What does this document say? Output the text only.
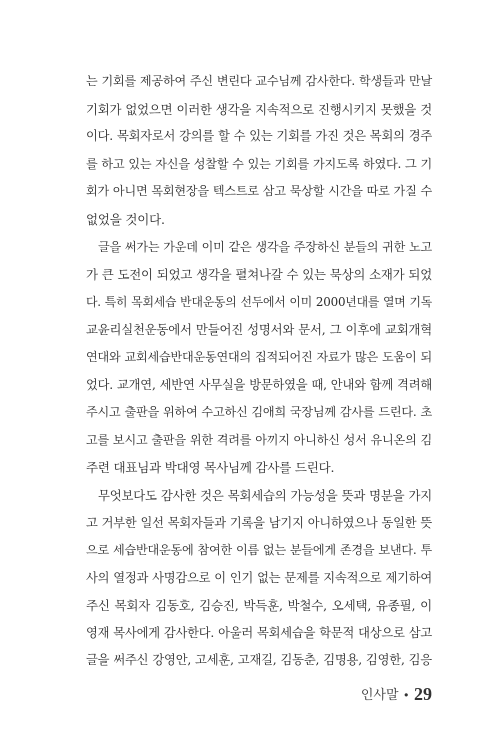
는 기회를 제공하여 주신 변린다 교수님께 감사한다. 학생들과 만날
기회가 없었으면 이러한 생각을 지속적으로 진행시키지 못했을 것
이다. 목회자로서 강의를 할 수 있는 기회를 가진 것은 목회의 경주
를 하고 있는 자신을 성찰할 수 있는 기회를 가지도록 하였다. 그 기
회가 아니면 목회현장을 텍스트로 삼고 묵상할 시간을 따로 가질 수
없었을 것이다.
글을 써가는 가운데 이미 같은 생각을 주장하신 분들의 귀한 노고
가 큰 도전이 되었고 생각을 펼쳐나갈 수 있는 묵상의 소재가 되었
다. 특히 목회세습 반대운동의 선두에서 이미 2000년대를 열며 기독
교윤리실천운동에서 만들어진 성명서와 문서, 그 이후에 교회개혁
연대와 교회세습반대운동연대의 집적되어진 자료가 많은 도움이 되
었다. 교개연, 세반연 사무실을 방문하였을 때, 안내와 함께 격려해
주시고 출판을 위하여 수고하신 김애희 국장님께 감사를 드린다. 초
고를 보시고 출판을 위한 격려를 아끼지 아니하신 성서 유니온의 김
주련 대표님과 박대영 목사님께 감사를 드린다.
무엇보다도 감사한 것은 목회세습의 가능성을 뜻과 명분을 가지
고 거부한 일선 목회자들과 기록을 남기지 아니하였으나 동일한 뜻
으로 세습반대운동에 참여한 이름 없는 분들에게 존경을 보낸다. 투
사의 열정과 사명감으로 이 인기 없는 문제를 지속적으로 제기하여
주신 목회자 김동호, 김승진, 박득훈, 박철수, 오세택, 유종필, 이
영재 목사에게 감사한다. 아울러 목회세습을 학문적 대상으로 삼고
글을 써주신 강영안, 고세훈, 고재길, 김동춘, 김명용, 김영한, 김응
인사말 • 29
